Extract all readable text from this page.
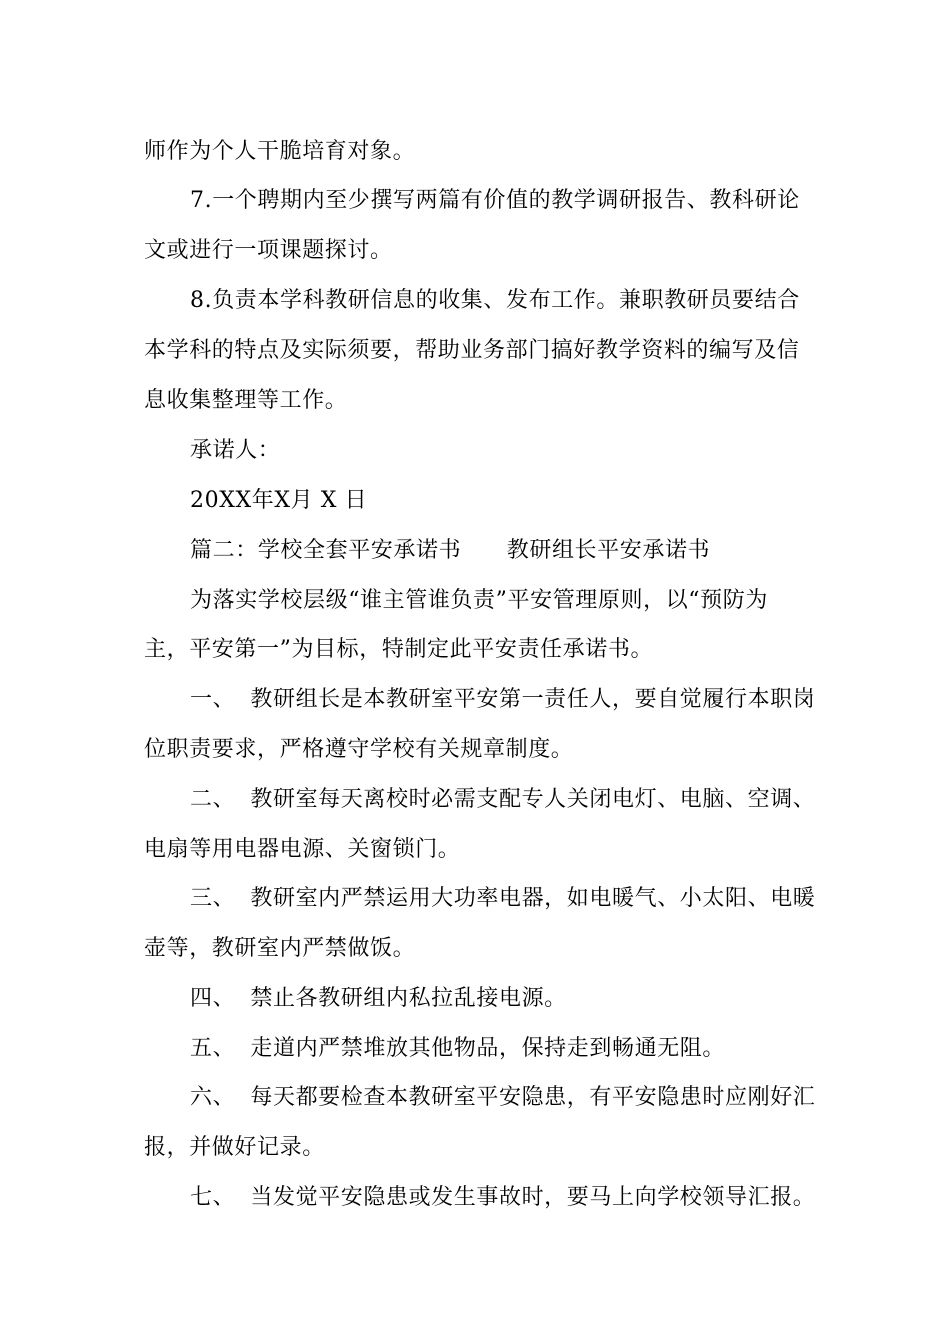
师作为个人干脆培育对象。
7.一个聘期内至少撰写两篇有价值的教学调研报告、教科研论
文或进行一项课题探讨。
8.负责本学科教研信息的收集、发布工作。兼职教研员要结合
本学科的特点及实际须要，帮助业务部门搞好教学资料的编写及信
息收集整理等工作。
承诺人：
20XX年X月 X 日
篇二：学校全套平安承诺书      教研组长平安承诺书
为落实学校层级“谁主管谁负责”平安管理原则，以“预防为
主，平安第一”为目标，特制定此平安责任承诺书。
一、  教研组长是本教研室平安第一责任人，要自觉履行本职岗
位职责要求，严格遵守学校有关规章制度。
二、  教研室每天离校时必需支配专人关闭电灯、电脑、空调、
电扇等用电器电源、关窗锁门。
三、  教研室内严禁运用大功率电器，如电暖气、小太阳、电暖
壶等，教研室内严禁做饭。
四、  禁止各教研组内私拉乱接电源。
五、  走道内严禁堆放其他物品，保持走到畅通无阻。
六、  每天都要检查本教研室平安隐患，有平安隐患时应刚好汇
报，并做好记录。
七、  当发觉平安隐患或发生事故时，要马上向学校领导汇报。
